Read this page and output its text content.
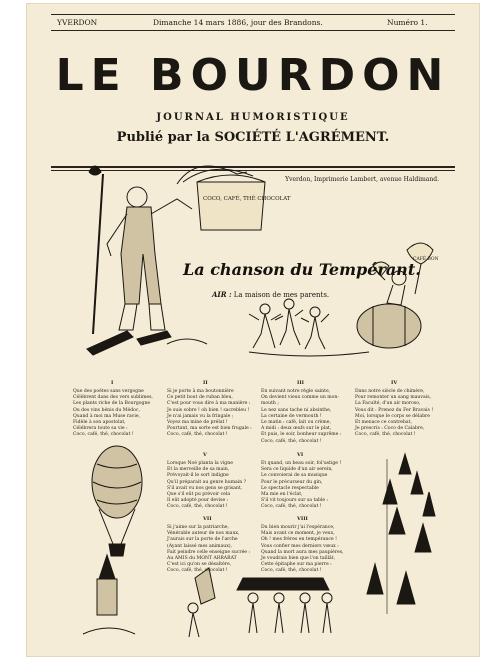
YVERDON	Dimanche 14 mars 1886, jour des Brandons.	Numéro 1.
LE BOURDON
JOURNAL HUMORISTIQUE
Publié par la SOCIÉTÉ L'AGRÉMENT.
Yverdon, Imprimerie Lambert, avenue Haldimand.
COCO, CAFÉ, THÉ CHOCOLAT
CAFÉ BON
La chanson du Tempérant.
AIR : La maison de mes parents.
I
Que des poètes sans vergogne
Célèbrent dans des vers sublimes,
Les plants riche de la Bourgogne
Ou des vins bénis du Médoc,
Quand à moi ma Muse ravie,
Fidèle à son apostolat,
Célébrera toute sa vie :
Coco, café, thé, chocolat !
II
Si je porte à ma boutonnière
Ce petit bout de ruban bleu,
C'est pour vous dire à ma manière :
Je suis sobre ! oh bien ! sacrebleu !
Je n'ai jamais vu la fringale ;
Voyez ma mine de prélat !
Pourtant, ma sorte est bien frugale :
Coco, café, thé, chocolat !
III
En suivant notre règle sainte,
On devient vieux comme un mon-
mouth ;
Le nez sans tache ni absinthe,
La certaine de vermouth !
Le matin : café, lait ou crème,
A midi : deux œufs sur le plat,
Et puis, le soir, bonheur suprême :
Coco, café, thé, chocolat !
IV
Dans notre siècle de chimère,
Pour remonter un sang mauvais,
La Faculté, d'un air moroso,
Vous dit : Prenez du Fer Bravais !
Moi, lorsque le corps se délabre
Et menace ce contrebat,
Je prescris : Coco de Calabre,
Coco, café, thé, chocolat !
V
Lorsque Noé planta la vigne
Et la merveille de sa main,
Prévoyait-il le sort indigne
Qu'il préparait au genre humain ?
S'il avait vu nos gens se grisant,
Que s'il eût pu prévoir cela
Il eût adopté pour devise :
Coco, café, thé, chocolat !
VI
Et quand, un beau soir, fol'ustige !
Sera ce liquide d'un air serein,
Le convoierai de sa musique
Pour le précurseur du gin,
Le spectacle respectable
Ma mie en l'éclat,
S'il vit toujours sur sa table :
Coco, café, thé, chocolat !
VII
Si j'aime sur la patriarche,
Vénérable auteur de nos maux,
J'aurais sur la porte de l'arche
(Ayant laissé mes animaux),
Fait peindre celle enseigne sucrée :
Au AMIS du MONT ARRARAT
C'est ici qu'on se désaltère,
Coco, café, thé, chocolat !
VIII
Du bien mourir j'ai l'espérance,
Mais avant ce moment, je veux,
Oh ! mes frères en tempérance !
Vous confier mes derniers vœux :
Quand la mort aura mes paupières,
Je voudrais bien que l'on taillât,
Cette épitaphe sur ma pierre :
Coco, café, thé, chocolat !
